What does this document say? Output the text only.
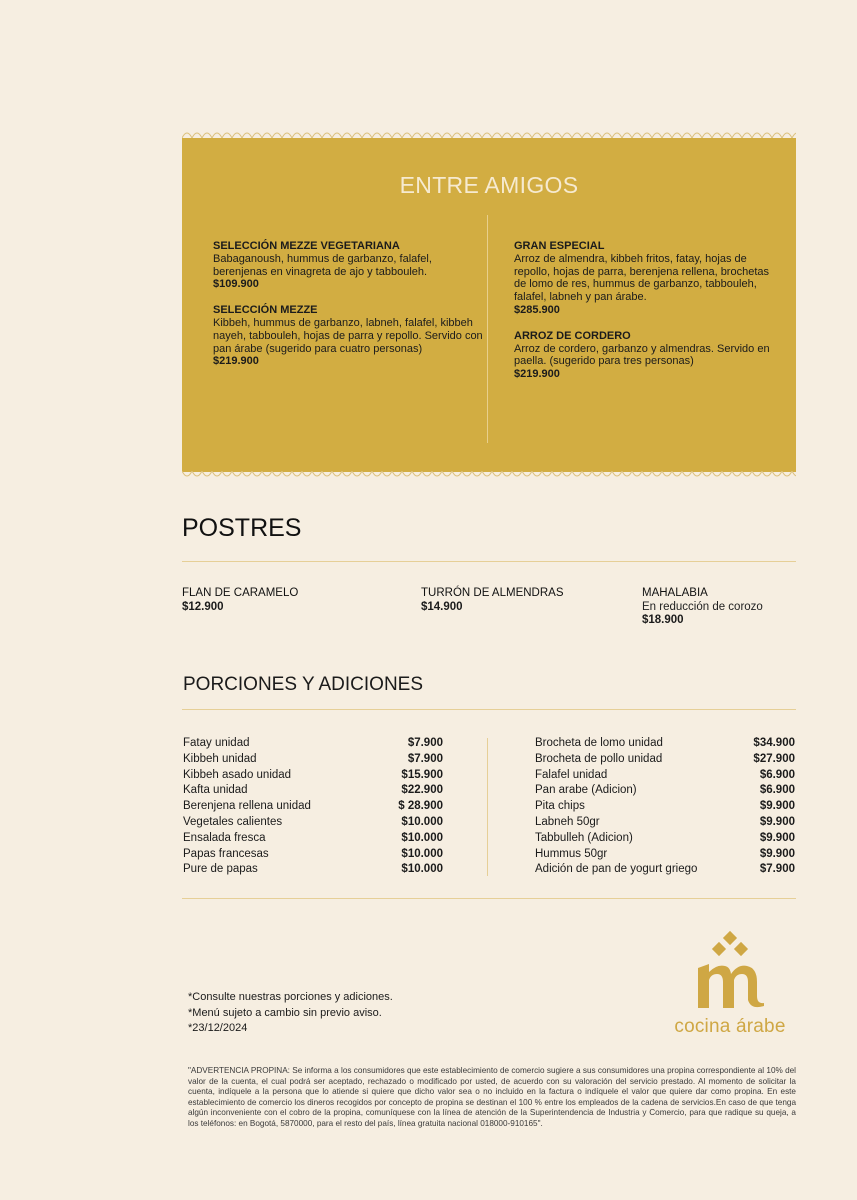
ENTRE AMIGOS
SELECCIÓN MEZZE VEGETARIANA
Babaganoush, hummus de garbanzo, falafel, berenjenas en vinagreta de ajo y tabbouleh.
$109.900
SELECCIÓN MEZZE
Kibbeh, hummus de garbanzo, labneh, falafel, kibbeh nayeh, tabbouleh, hojas de parra y repollo. Servido con pan árabe (sugerido para cuatro personas)
$219.900
GRAN ESPECIAL
Arroz de almendra, kibbeh fritos, fatay, hojas de repollo, hojas de parra, berenjena rellena, brochetas de lomo de res, hummus de garbanzo, tabbouleh, falafel, labneh y pan árabe.
$285.900
ARROZ DE CORDERO
Arroz de cordero, garbanzo y almendras. Servido en paella. (sugerido para tres personas)
$219.900
POSTRES
FLAN DE CARAMELO
$12.900
TURRÓN DE ALMENDRAS
$14.900
MAHALABIA
En reducción de corozo
$18.900
PORCIONES Y ADICIONES
Fatay unidad	$7.900
Kibbeh unidad	$7.900
Kibbeh asado unidad	$15.900
Kafta unidad	$22.900
Berenjena rellena unidad	$ 28.900
Vegetales calientes	$10.000
Ensalada fresca	$10.000
Papas francesas	$10.000
Pure de papas	$10.000
Brocheta de lomo unidad	$34.900
Brocheta de pollo unidad	$27.900
Falafel unidad	$6.900
Pan arabe (Adicion)	$6.900
Pita chips	$9.900
Labneh 50gr	$9.900
Tabbulleh (Adicion)	$9.900
Hummus 50gr	$9.900
Adición de pan de yogurt griego	$7.900
*Consulte nuestras porciones y adiciones.
*Menú sujeto a cambio sin previo aviso.
*23/12/2024	cocina árabe

"ADVERTENCIA PROPINA: Se informa a los consumidores que este establecimiento de comercio sugiere a sus consumidores una propina correspondiente al 10% del valor de la cuenta, el cual podrá ser aceptado, rechazado o modificado por usted, de acuerdo con su valoración del servicio prestado. Al momento de solicitar la cuenta, indíquele a la persona que lo atiende si quiere que dicho valor sea o no incluido en la factura o indíquele el valor que quiere dar como propina. En este establecimiento de comercio los dineros recogidos por concepto de propina se destinan el 100 % entre los empleados de la cadena de servicios.En caso de que tenga algún inconveniente con el cobro de la propina, comuníquese con la línea de atención de la Superintendencia de Industria y Comercio, para que radique su queja, a los teléfonos: en Bogotá, 5870000, para el resto del país, línea gratuita nacional 018000-910165".
